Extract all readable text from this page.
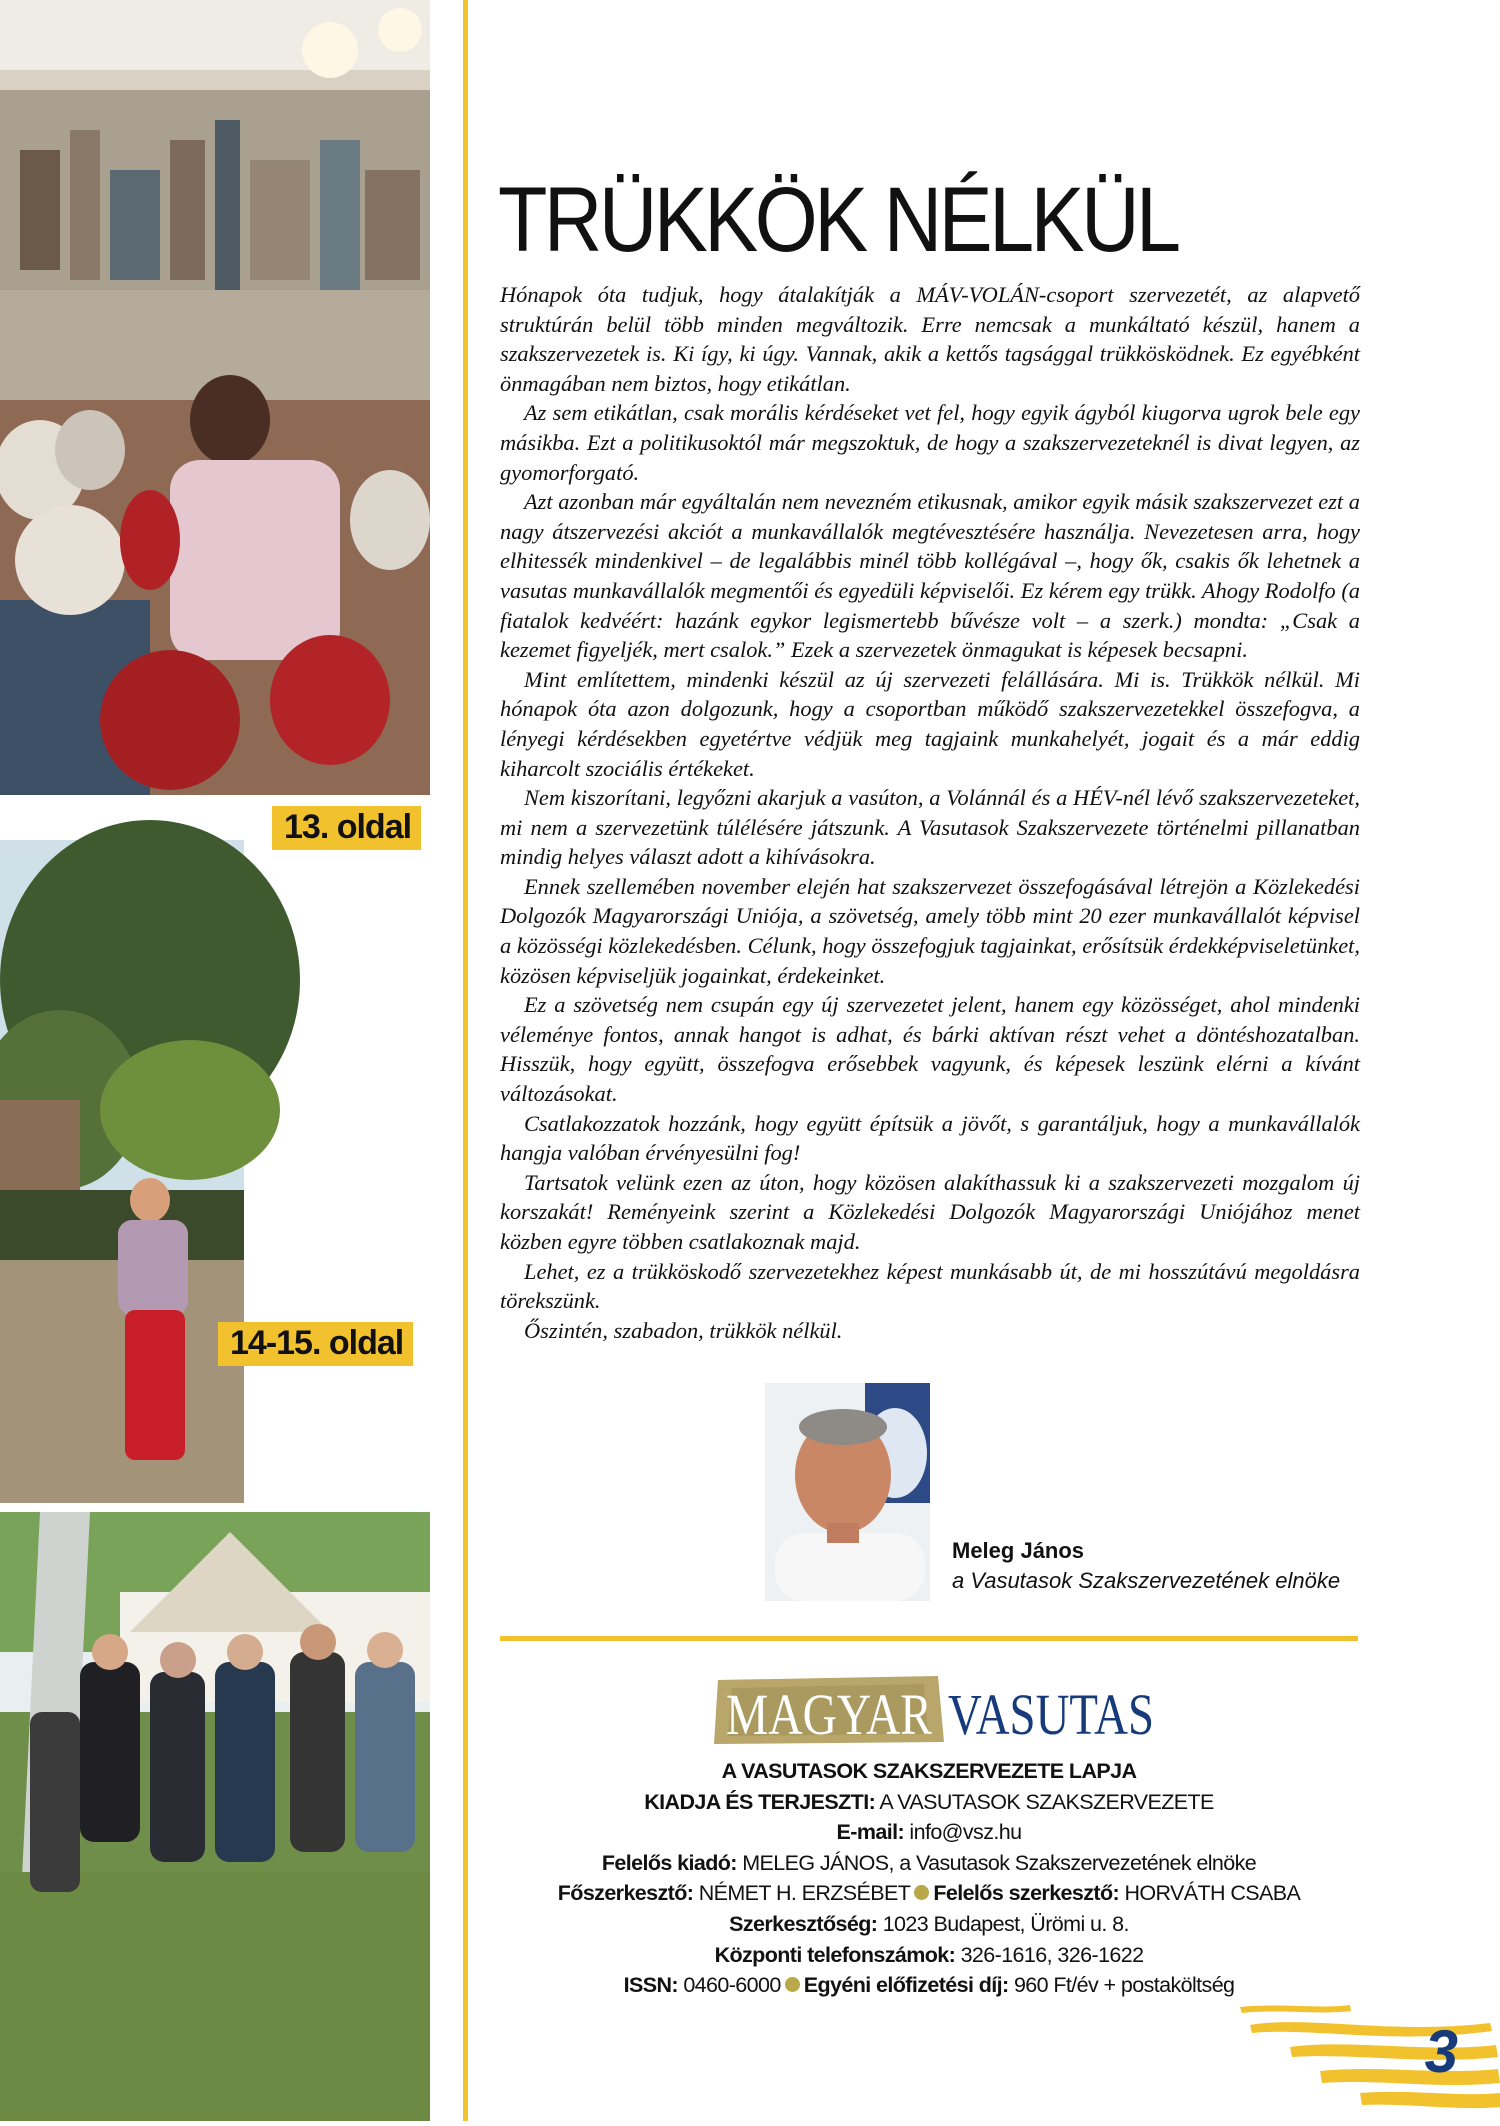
13. oldal
14-15. oldal
TRÜKKÖK NÉLKÜL

Hónapok óta tudjuk, hogy átalakítják a MÁV-VOLÁN-csoport szervezetét, az alapvető struktúrán belül több minden megváltozik. Erre nemcsak a munkáltató készül, hanem a szakszervezetek is. Ki így, ki úgy. Vannak, akik a kettős tagsággal trükkösködnek. Ez egyébként önmagában nem biztos, hogy etikátlan.

Az sem etikátlan, csak morális kérdéseket vet fel, hogy egyik ágyból kiugorva ugrok bele egy másikba. Ezt a politikusoktól már megszoktuk, de hogy a szakszervezeteknél is divat legyen, az gyomorforgató.

Azt azonban már egyáltalán nem nevezném etikusnak, amikor egyik másik szakszervezet ezt a nagy átszervezési akciót a munkavállalók megtévesztésére használja. Nevezetesen arra, hogy elhitessék mindenkivel – de legalábbis minél több kollégával –, hogy ők, csakis ők lehetnek a vasutas munkavállalók megmentői és egyedüli képviselői. Ez kérem egy trükk. Ahogy Rodolfo (a fiatalok kedvéért: hazánk egykor legismertebb bűvésze volt – a szerk.) mondta: „Csak a kezemet figyeljék, mert csalok.” Ezek a szervezetek önmagukat is képesek becsapni.

Mint említettem, mindenki készül az új szervezeti felállására. Mi is. Trükkök nélkül. Mi hónapok óta azon dolgozunk, hogy a csoportban működő szakszervezetekkel összefogva, a lényegi kérdésekben egyetértve védjük meg tagjaink munkahelyét, jogait és a már eddig kiharcolt szociális értékeket.

Nem kiszorítani, legyőzni akarjuk a vasúton, a Volánnál és a HÉV-nél lévő szakszervezeteket, mi nem a szervezetünk túlélésére játszunk. A Vasutasok Szakszervezete történelmi pillanatban mindig helyes választ adott a kihívásokra.

Ennek szellemében november elején hat szakszervezet összefogásával létrejön a Közlekedési Dolgozók Magyarországi Uniója, a szövetség, amely több mint 20 ezer munkavállalót képvisel a közösségi közlekedésben. Célunk, hogy összefogjuk tagjainkat, erősítsük érdekképviseletünket, közösen képviseljük jogainkat, érdekeinket.

Ez a szövetség nem csupán egy új szervezetet jelent, hanem egy közösséget, ahol mindenki véleménye fontos, annak hangot is adhat, és bárki aktívan részt vehet a döntéshozatalban. Hisszük, hogy együtt, összefogva erősebbek vagyunk, és képesek leszünk elérni a kívánt változásokat.

Csatlakozzatok hozzánk, hogy együtt építsük a jövőt, s garantáljuk, hogy a munkavállalók hangja valóban érvényesülni fog!

Tartsatok velünk ezen az úton, hogy közösen alakíthassuk ki a szakszervezeti mozgalom új korszakát! Reményeink szerint a Közlekedési Dolgozók Magyarországi Uniójához menet közben egyre többen csatlakoznak majd.

Lehet, ez a trükköskodő szervezetekhez képest munkásabb út, de mi hosszútávú megoldásra törekszünk.

Őszintén, szabadon, trükkök nélkül.

Meleg János
a Vasutasok Szakszervezetének elnöke
MAGYAR VASUTAS
A VASUTASOK SZAKSZERVEZETE LAPJA
KIADJA ÉS TERJESZTI: A VASUTASOK SZAKSZERVEZETE
E-mail: info@vsz.hu
Felelős kiadó: MELEG JÁNOS, a Vasutasok Szakszervezetének elnöke
Főszerkesztő: NÉMET H. ERZSÉBET Felelős szerkesztő: HORVÁTH CSABA
Szerkesztőség: 1023 Budapest, Ürömi u. 8.
Központi telefonszámok: 326-1616, 326-1622
ISSN: 0460-6000 Egyéni előfizetési díj: 960 Ft/év + postaköltség
3
